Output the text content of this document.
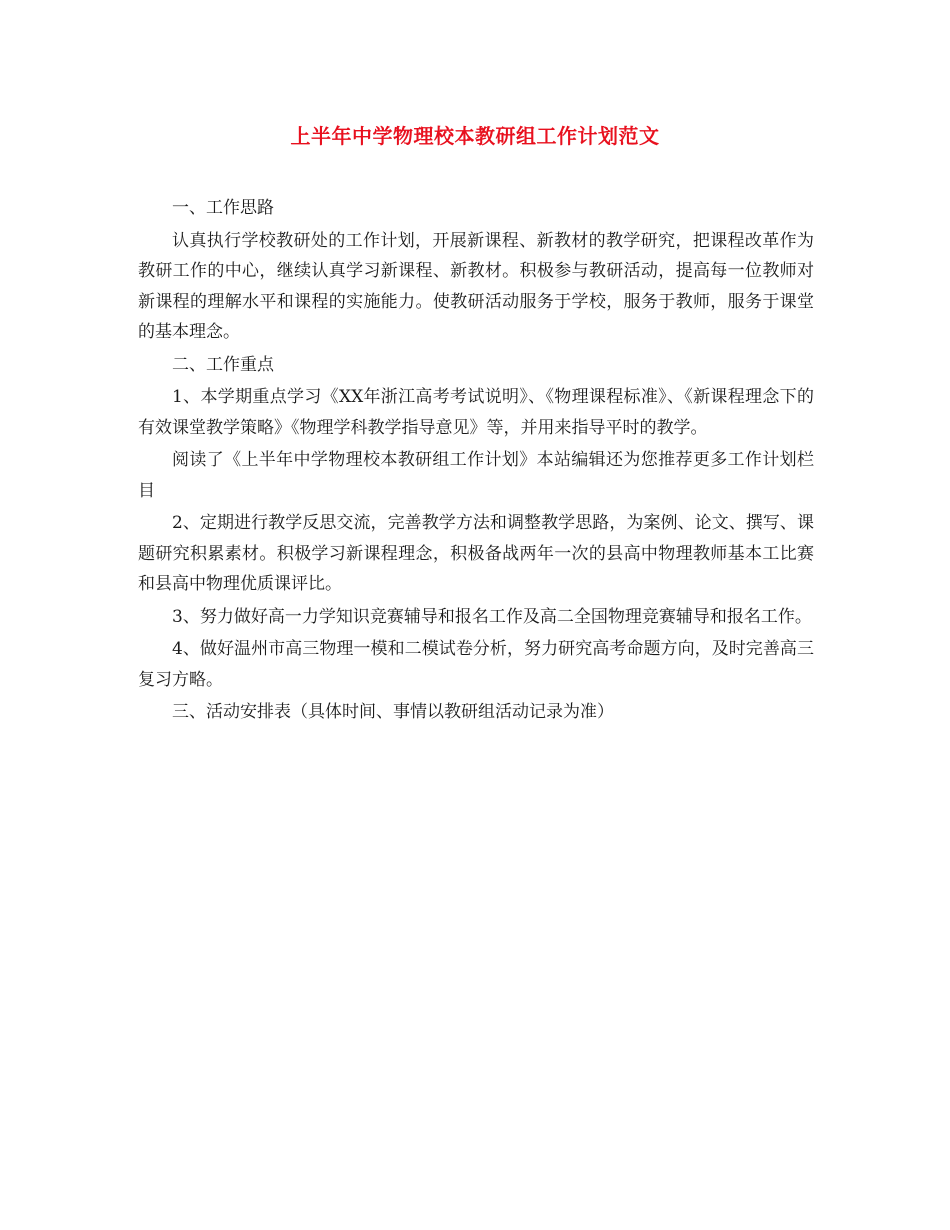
上半年中学物理校本教研组工作计划范文

一、工作思路

认真执行学校教研处的工作计划，开展新课程、新教材的教学研究，把课程改革作为教研工作的中心，继续认真学习新课程、新教材。积极参与教研活动，提高每一位教师对新课程的理解水平和课程的实施能力。使教研活动服务于学校，服务于教师，服务于课堂的基本理念。

二、工作重点

1、本学期重点学习《XX年浙江高考考试说明》、《物理课程标准》、《新课程理念下的有效课堂教学策略》《物理学科教学指导意见》等，并用来指导平时的教学。

阅读了《上半年中学物理校本教研组工作计划》本站编辑还为您推荐更多工作计划栏目

2、定期进行教学反思交流，完善教学方法和调整教学思路，为案例、论文、撰写、课题研究积累素材。积极学习新课程理念，积极备战两年一次的县高中物理教师基本工比赛和县高中物理优质课评比。

3、努力做好高一力学知识竞赛辅导和报名工作及高二全国物理竞赛辅导和报名工作。

4、做好温州市高三物理一模和二模试卷分析，努力研究高考命题方向，及时完善高三复习方略。

三、活动安排表（具体时间、事情以教研组活动记录为准）
